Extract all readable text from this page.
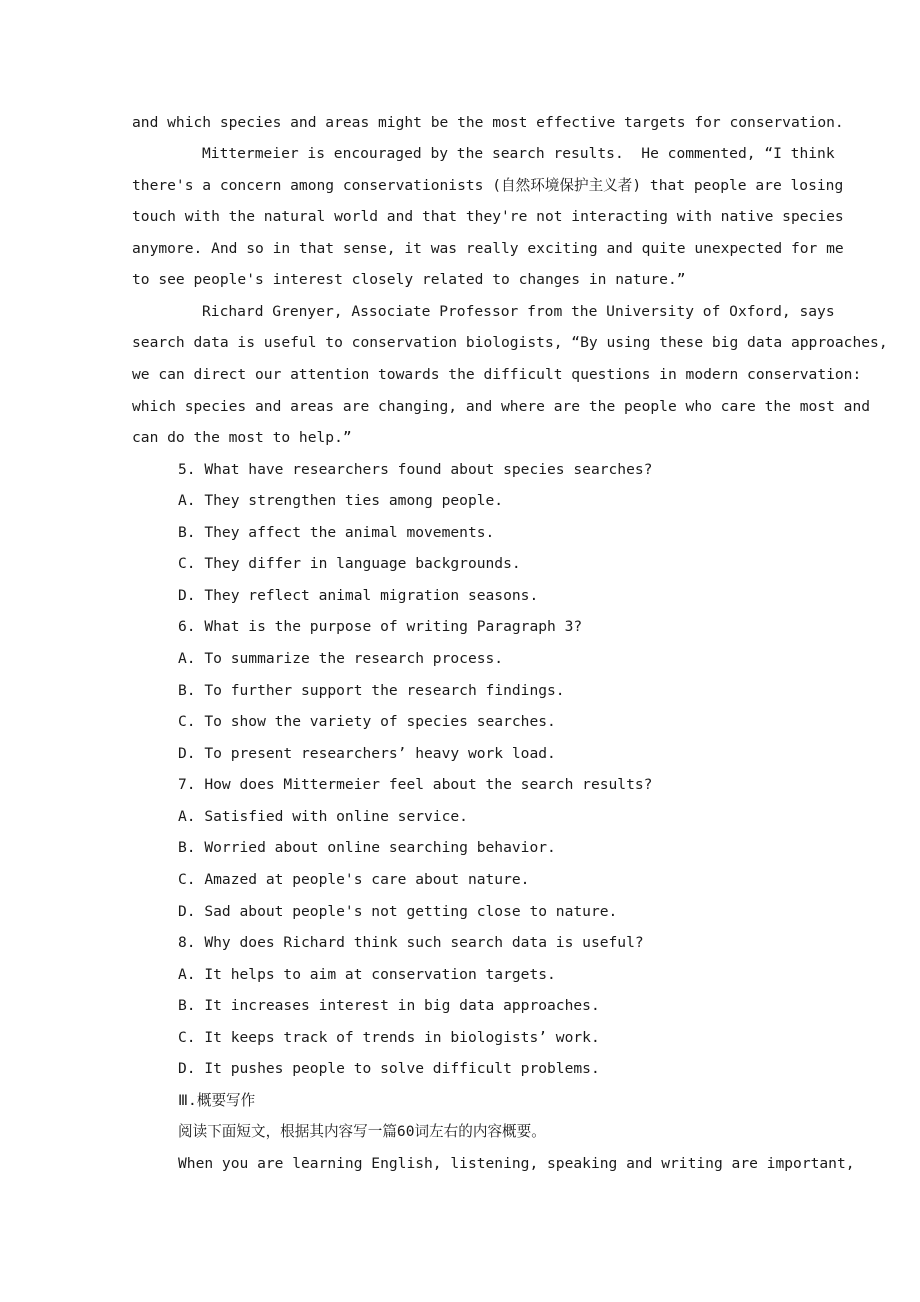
and which species and areas might be the most effective targets for conservation.
Mittermeier is encouraged by the search results.  He commented, “I think
there's a concern among conservationists (自然环境保护主义者) that people are losing
touch with the natural world and that they're not interacting with native species
anymore. And so in that sense, it was really exciting and quite unexpected for me
to see people's interest closely related to changes in nature.”
Richard Grenyer, Associate Professor from the University of Oxford, says
search data is useful to conservation biologists, “By using these big data approaches,
we can direct our attention towards the difficult questions in modern conservation:
which species and areas are changing, and where are the people who care the most and
can do the most to help.”
5. What have researchers found about species searches?
A. They strengthen ties among people.
B. They affect the animal movements.
C. They differ in language backgrounds.
D. They reflect animal migration seasons.
6. What is the purpose of writing Paragraph 3?
A. To summarize the research process.
B. To further support the research findings.
C. To show the variety of species searches.
D. To present researchers’ heavy work load.
7. How does Mittermeier feel about the search results?
A. Satisfied with online service.
B. Worried about online searching behavior.
C. Amazed at people's care about nature.
D. Sad about people's not getting close to nature.
8. Why does Richard think such search data is useful?
A. It helps to aim at conservation targets.
B. It increases interest in big data approaches.
C. It keeps track of trends in biologists’ work.
D. It pushes people to solve difficult problems.
Ⅲ.概要写作
阅读下面短文，根据其内容写一篇60词左右的内容概要。
When you are learning English, listening, speaking and writing are important,
